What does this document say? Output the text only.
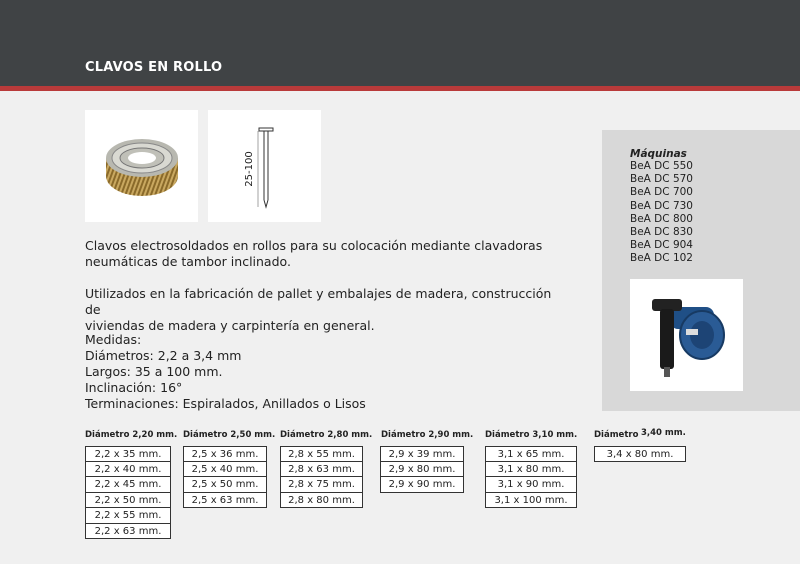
CLAVOS EN ROLLO
25-100

Clavos electrosoldados en rollos para su colocación mediante clavadoras

neumáticas de tambor inclinado.

Utilizados en la fabricación de pallet y embalajes de madera, construcción de

viviendas de madera y carpintería en general.

Medidas:

Diámetros: 2,2 a 3,4 mm

Largos: 35 a 100 mm.

Inclinación: 16°

Terminaciones: Espiralados, Anillados o Lisos

Máquinas
BeA DC 550
BeA DC 570
BeA DC 700
BeA DC 730
BeA DC 800
BeA DC 830
BeA DC 904
BeA DC 102
Diámetro 2,20 mm. Diámetro 2,50 mm. Diámetro 2,80 mm. Diámetro 2,90 mm. Diámetro 3,10 mm. Diámetro 3,40 mm.
2,2 x 35 mm.
2,2 x 40 mm.
2,2 x 45 mm.
2,2 x 50 mm.
2,2 x 55 mm.
2,2 x 63 mm.
2,5 x 36 mm.
2,5 x 40 mm.
2,5 x 50 mm.
2,5 x 63 mm.
2,8 x 55 mm.
2,8 x 63 mm.
2,8 x 75 mm.
2,8 x 80 mm.
2,9 x 39 mm.
2,9 x 80 mm.
2,9 x 90 mm.
3,1 x 65 mm.
3,1 x 80 mm.
3,1 x 90 mm.
3,1 x 100 mm.
3,4 x 80 mm.
